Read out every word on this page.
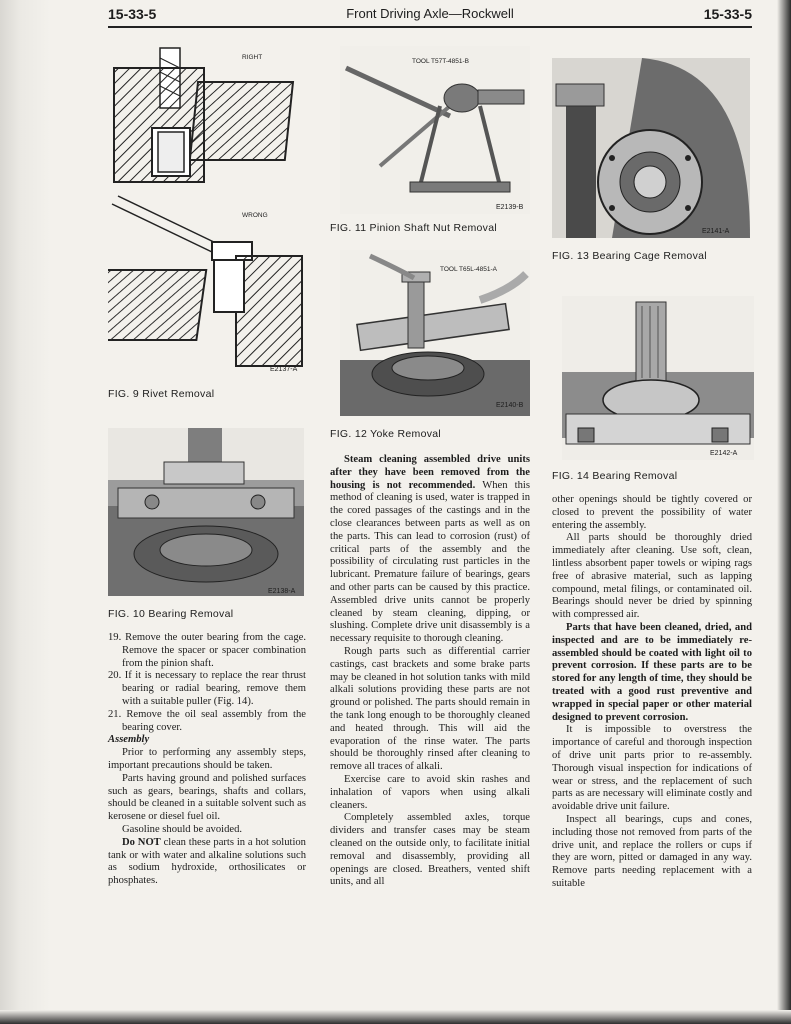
15-33-5	Front Driving Axle—Rockwell	15-33-5
RIGHT
WRONG
E2137-A
FIG. 9 Rivet Removal
E2138-A
FIG. 10 Bearing Removal
TOOL T57T-4851-B
E2139-B
FIG. 11 Pinion Shaft Nut Removal
TOOL T65L-4851-A
E2140-B
FIG. 12 Yoke Removal
E2141-A
FIG. 13 Bearing Cage Removal
E2142-A
FIG. 14 Bearing Removal

19. Remove the outer bearing from the cage. Remove the spacer or spacer combination from the pinion shaft.

20. If it is necessary to replace the rear thrust bearing or radial bearing, remove them with a suitable puller (Fig. 14).

21. Remove the oil seal assembly from the bearing cover.

Assembly

Prior to performing any assembly steps, important precautions should be taken.

Parts having ground and polished surfaces such as gears, bearings, shafts and collars, should be cleaned in a suitable solvent such as kerosene or diesel fuel oil.

Gasoline should be avoided.

Do NOT clean these parts in a hot solution tank or with water and alkaline solutions such as sodium hydroxide, orthosilicates or phosphates.

Steam cleaning assembled drive units after they have been removed from the housing is not recommended. When this method of cleaning is used, water is trapped in the cored passages of the castings and in the close clearances between parts as well as on the parts. This can lead to corrosion (rust) of critical parts of the assembly and the possibility of circulating rust particles in the lubricant. Premature failure of bearings, gears and other parts can be caused by this practice. Assembled drive units cannot be properly cleaned by steam cleaning, dipping, or slushing. Complete drive unit disassembly is a necessary requisite to thorough cleaning.

Rough parts such as differential carrier castings, cast brackets and some brake parts may be cleaned in hot solution tanks with mild alkali solutions providing these parts are not ground or polished. The parts should remain in the tank long enough to be thoroughly cleaned and heated through. This will aid the evaporation of the rinse water. The parts should be thoroughly rinsed after cleaning to remove all traces of alkali.

Exercise care to avoid skin rashes and inhalation of vapors when using alkali cleaners.

Completely assembled axles, torque dividers and transfer cases may be steam cleaned on the outside only, to facilitate initial removal and disassembly, providing all openings are closed. Breathers, vented shift units, and all

other openings should be tightly covered or closed to prevent the possibility of water entering the assembly.

All parts should be thoroughly dried immediately after cleaning. Use soft, clean, lintless absorbent paper towels or wiping rags free of abrasive material, such as lapping compound, metal filings, or contaminated oil. Bearings should never be dried by spinning with compressed air.

Parts that have been cleaned, dried, and inspected and are to be immediately re-assembled should be coated with light oil to prevent corrosion. If these parts are to be stored for any length of time, they should be treated with a good rust preventive and wrapped in special paper or other material designed to prevent corrosion.

It is impossible to overstress the importance of careful and thorough inspection of drive unit parts prior to re-assembly. Thorough visual inspection for indications of wear or stress, and the replacement of such parts as are necessary will eliminate costly and avoidable drive unit failure.

Inspect all bearings, cups and cones, including those not removed from parts of the drive unit, and replace the rollers or cups if they are worn, pitted or damaged in any way. Remove parts needing replacement with a suitable
